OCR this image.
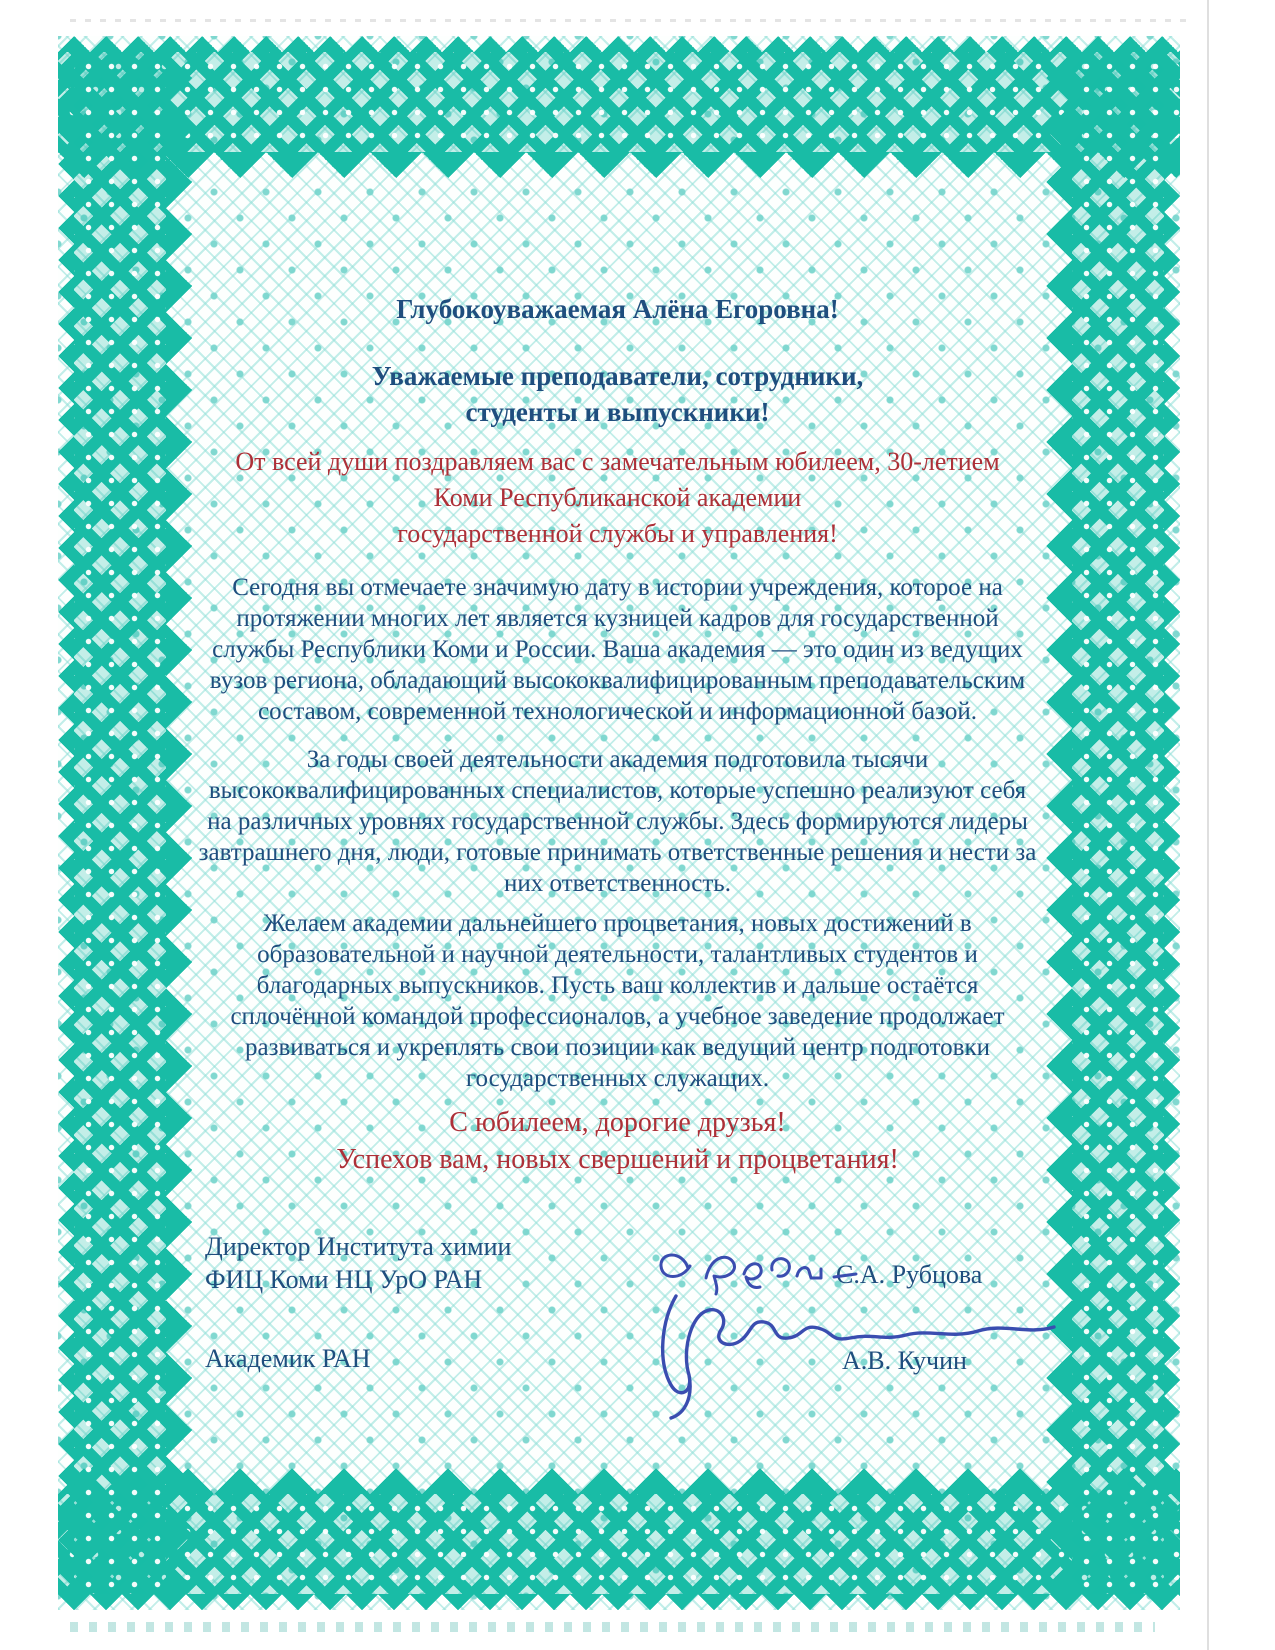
Глубокоуважаемая Алёна Егоровна!
Уважаемые преподаватели, сотрудники,
студенты и выпускники!
От всей души поздравляем вас с замечательным юбилеем, 30-летием
Коми Республиканской академии
государственной службы и управления!
Сегодня вы отмечаете значимую дату в истории учреждения, которое на протяжении многих лет является кузницей кадров для государственной службы Республики Коми и России. Ваша академия — это один из ведущих вузов региона, обладающий высококвалифицированным преподавательским составом, современной технологической и информационной базой.
За годы своей деятельности академия подготовила тысячи высококвалифицированных специалистов, которые успешно реализуют себя на различных уровнях государственной службы. Здесь формируются лидеры завтрашнего дня, люди, готовые принимать ответственные решения и нести за них ответственность.
Желаем академии дальнейшего процветания, новых достижений в образовательной и научной деятельности, талантливых студентов и благодарных выпускников. Пусть ваш коллектив и дальше остаётся сплочённой командой профессионалов, а учебное заведение продолжает развиваться и укреплять свои позиции как ведущий центр подготовки государственных служащих.
С юбилеем, дорогие друзья!
Успехов вам, новых свершений и процветания!
Директор Института химии
ФИЦ Коми НЦ УрО РАН	С.А. Рубцова
Академик РАН	А.В. Кучин
